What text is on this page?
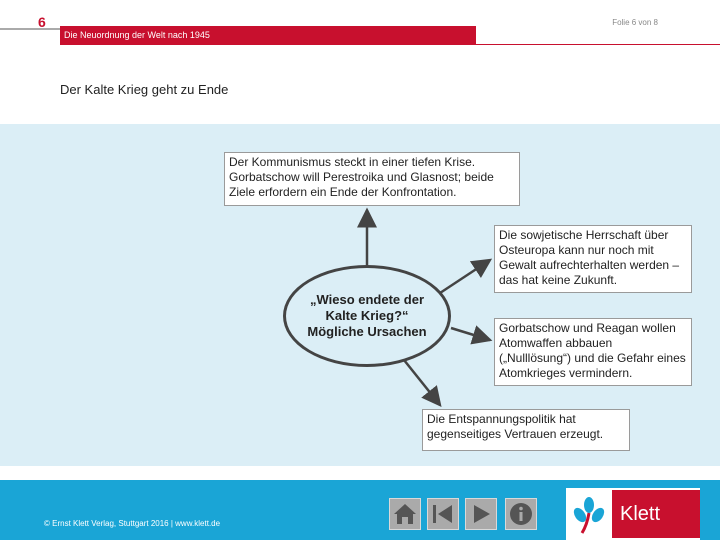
6	Folie 6 von 8
Die Neuordnung der Welt nach 1945
Der Kalte Krieg geht zu Ende
Der Kommunismus steckt in einer tiefen Krise. Gorbatschow will Perestroika und Glasnost; beide Ziele erfordern ein Ende der Konfrontation.
Die sowjetische Herrschaft über Osteuropa kann nur noch mit Gewalt aufrechterhalten werden – das hat keine Zukunft.
Gorbatschow und Reagan wollen Atomwaffen abbauen („Nulllösung“) und die Gefahr eines Atomkrieges vermindern.
Die Entspannungspolitik hat gegenseitiges Vertrauen erzeugt.
„Wieso endete der Kalte Krieg?“ Mögliche Ursachen
© Ernst Klett Verlag, Stuttgart 2016 | www.klett.de	Klett
